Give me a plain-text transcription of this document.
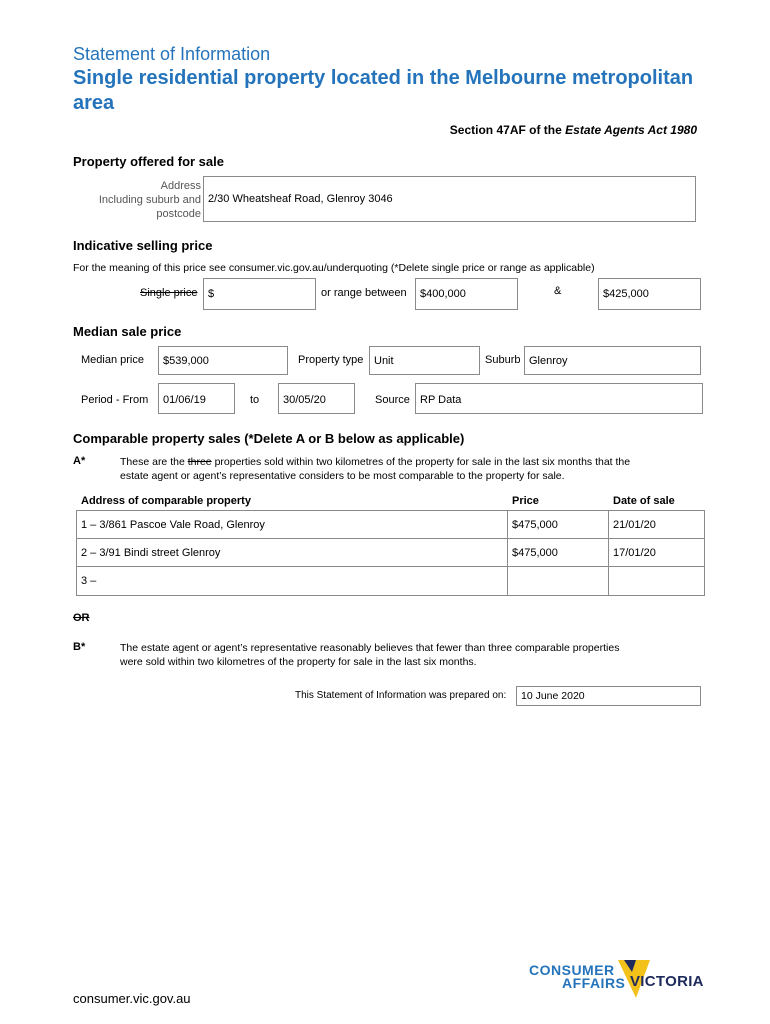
Statement of Information
Single residential property located in the Melbourne metropolitan area
Section 47AF of the Estate Agents Act 1980
Property offered for sale
Address
Including suburb and
postcode
2/30 Wheatsheaf Road, Glenroy 3046
Indicative selling price
For the meaning of this price see consumer.vic.gov.au/underquoting (*Delete single price or range as applicable)
Single price $	or range between	$400,000	&	$425,000
Median sale price
Median price	$539,000	Property type Unit	Suburb Glenroy
Period - From	01/06/19	to	30/05/20	Source RP Data
Comparable property sales (*Delete A or B below as applicable)
A*	These are the three properties sold within two kilometres of the property for sale in the last six months that the
estate agent or agent’s representative considers to be most comparable to the property for sale.
Address of comparable property	Price	Date of sale
1 – 3/861 Pascoe Vale Road, Glenroy	$475,000	21/01/20
2 – 3/91 Bindi street Glenroy	$475,000	17/01/20
3 –
OR
B*	The estate agent or agent’s representative reasonably believes that fewer than three comparable properties
were sold within two kilometres of the property for sale in the last six months.
This Statement of Information was prepared on:	10 June 2020
CONSUMER
AFFAIRS VICTORIA
consumer.vic.gov.au
